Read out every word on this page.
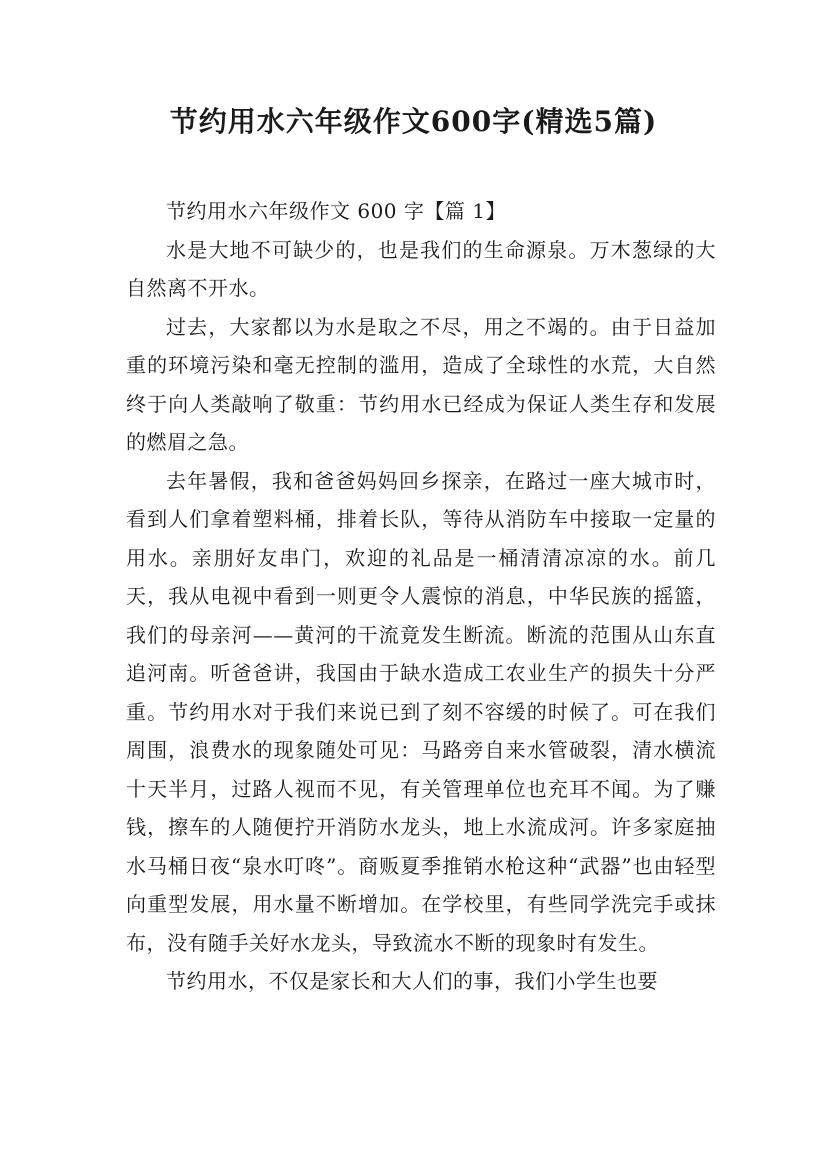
节约用水六年级作文600字(精选5篇)

节约用水六年级作文 600 字【篇 1】

水是大地不可缺少的，也是我们的生命源泉。万木葱绿的大自然离不开水。

过去，大家都以为水是取之不尽，用之不竭的。由于日益加重的环境污染和毫无控制的滥用，造成了全球性的水荒，大自然终于向人类敲响了敬重：节约用水已经成为保证人类生存和发展的燃眉之急。

去年暑假，我和爸爸妈妈回乡探亲，在路过一座大城市时，看到人们拿着塑料桶，排着长队，等待从消防车中接取一定量的用水。亲朋好友串门，欢迎的礼品是一桶清清凉凉的水。前几天，我从电视中看到一则更令人震惊的消息，中华民族的摇篮，我们的母亲河——黄河的干流竟发生断流。断流的范围从山东直追河南。听爸爸讲，我国由于缺水造成工农业生产的损失十分严重。节约用水对于我们来说已到了刻不容缓的时候了。可在我们周围，浪费水的现象随处可见：马路旁自来水管破裂，清水横流十天半月，过路人视而不见，有关管理单位也充耳不闻。为了赚钱，擦车的人随便拧开消防水龙头，地上水流成河。许多家庭抽水马桶日夜“泉水叮咚”。商贩夏季推销水枪这种“武器”也由轻型向重型发展，用水量不断增加。在学校里，有些同学洗完手或抹布，没有随手关好水龙头，导致流水不断的现象时有发生。

节约用水，不仅是家长和大人们的事，我们小学生也要
